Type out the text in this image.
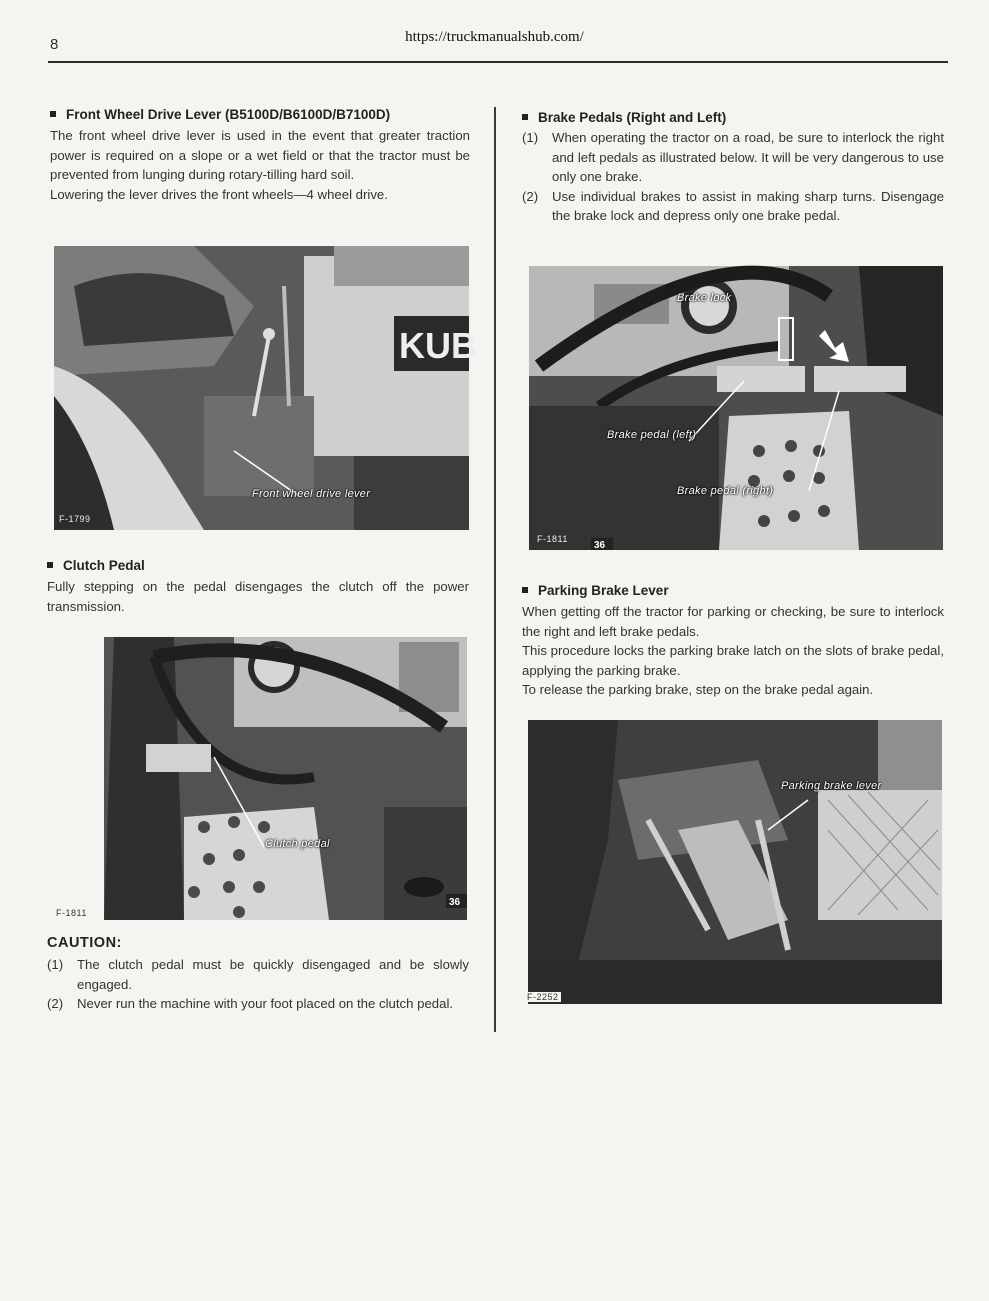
8	https://truckmanualshub.com/
Front Wheel Drive Lever (B5100D/B6100D/B7100D)

The front wheel drive lever is used in the event that greater traction power is required on a slope or a wet field or that the tractor must be prevented from lunging during rotary-tilling hard soil.

Lowering the lever drives the front wheels—4 wheel drive.

KUB
Front wheel drive lever
F-1799
Clutch Pedal

Fully stepping on the pedal disengages the clutch off the power transmission.

36
Clutch pedal
F-1811
CAUTION:
(1) The clutch pedal must be quickly disengaged and be slowly engaged.
(2) Never run the machine with your foot placed on the clutch pedal.
Brake Pedals (Right and Left)
(1) When operating the tractor on a road, be sure to interlock the right and left pedals as illustrated below. It will be very dangerous to use only one brake.
(2) Use individual brakes to assist in making sharp turns. Disengage the brake lock and depress only one brake pedal.
36
Brake lock
Brake pedal (left)
Brake pedal (right)
F-1811
Parking Brake Lever

When getting off the tractor for parking or checking, be sure to interlock the right and left brake pedals.

This procedure locks the parking brake latch on the slots of brake pedal, applying the parking brake.

To release the parking brake, step on the brake pedal again.

Parking brake lever
F-2252
